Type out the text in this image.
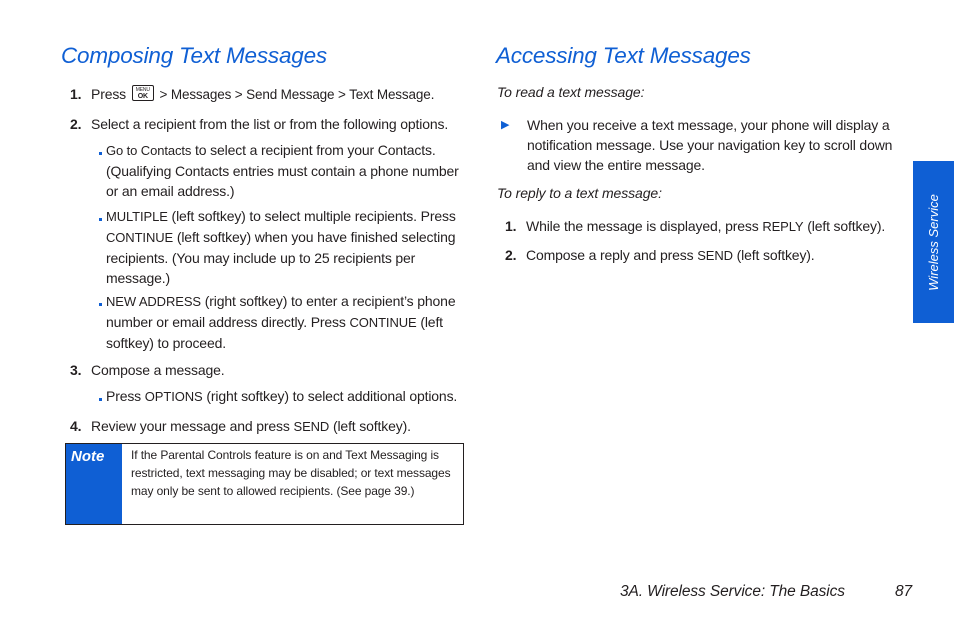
Composing Text Messages
1. Press	MENU
OK > Messages > Send Message > Text Message.
2. Select a recipient from the list or from the following options.
Go to Contacts to select a recipient from your Contacts. (Qualifying Contacts entries must contain a phone number or an email address.)
MULTIPLE (left softkey) to select multiple recipients. Press CONTINUE (left softkey) when you have finished selecting recipients. (You may include up to 25 recipients per message.)
NEW ADDRESS (right softkey) to enter a recipient’s phone number or email address directly. Press CONTINUE (left softkey) to proceed.
3. Compose a message.
Press OPTIONS (right softkey) to select additional options.
4. Review your message and press SEND (left softkey).
Note	If the Parental Controls feature is on and Text Messaging is restricted, text messaging may be disabled; or text messages may only be sent to allowed recipients. (See page 39.)
Accessing Text Messages
To read a text message:
▶	When you receive a text message, your phone will display a notification message. Use your navigation key to scroll down and view the entire message.
To reply to a text message:
1. While the message is displayed, press REPLY (left softkey).
2. Compose a reply and press SEND (left softkey).	Wireless Service
3A. Wireless Service: The Basics	87
